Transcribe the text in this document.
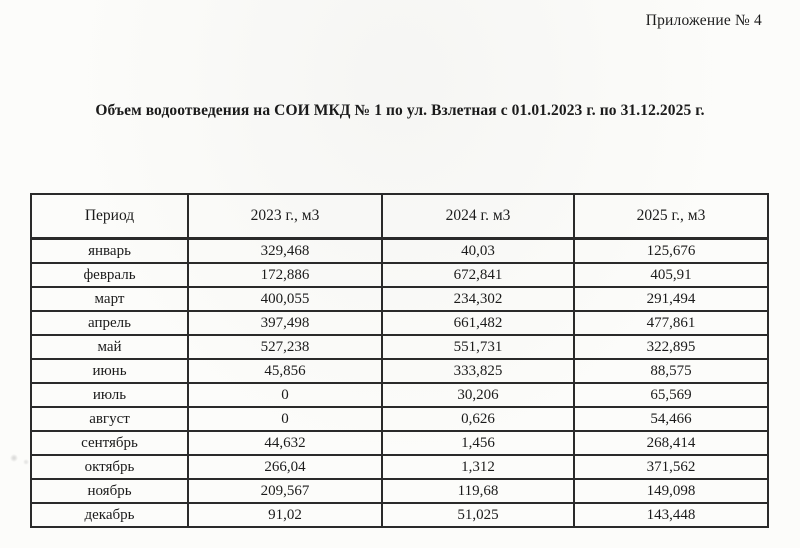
Приложение № 4
Объем водоотведения на СОИ МКД № 1 по ул. Взлетная с 01.01.2023 г. по 31.12.2025 г.
Период	2023 г., м3	2024 г. м3	2025 г., м3
январь	329,468	40,03	125,676
февраль	172,886	672,841	405,91
март	400,055	234,302	291,494
апрель	397,498	661,482	477,861
май	527,238	551,731	322,895
июнь	45,856	333,825	88,575
июль	0	30,206	65,569
август	0	0,626	54,466
сентябрь	44,632	1,456	268,414
октябрь	266,04	1,312	371,562
ноябрь	209,567	119,68	149,098
декабрь	91,02	51,025	143,448
